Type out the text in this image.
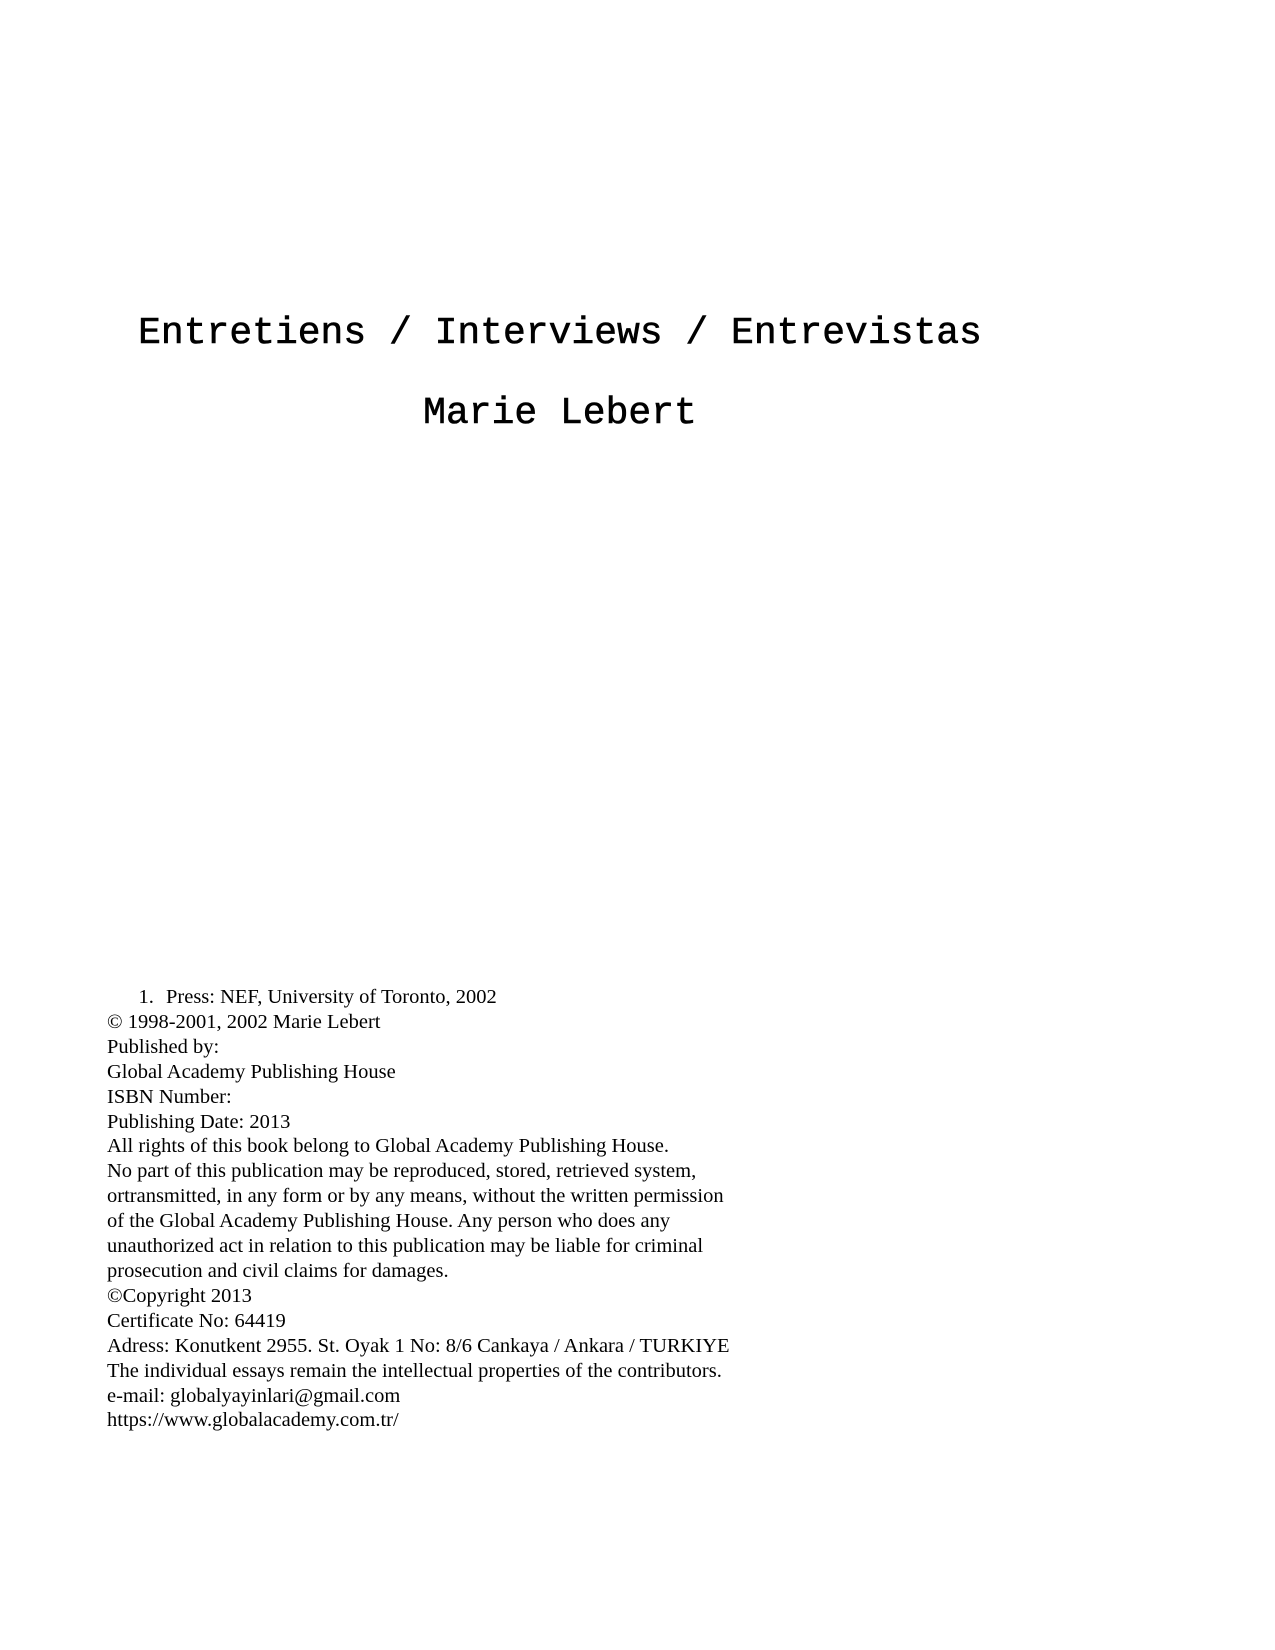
Entretiens / Interviews / Entrevistas
Marie Lebert
1. Press: NEF, University of Toronto, 2002
© 1998-2001, 2002 Marie Lebert
Published by:
Global Academy Publishing House
ISBN Number:
Publishing Date: 2013
All rights of this book belong to Global Academy Publishing House.
No part of this publication may be reproduced, stored, retrieved system,
ortransmitted, in any form or by any means, without the written permission
of the Global Academy Publishing House. Any person who does any
unauthorized act in relation to this publication may be liable for criminal
prosecution and civil claims for damages.
©Copyright 2013
Certificate No: 64419
Adress: Konutkent 2955. St. Oyak 1 No: 8/6 Cankaya / Ankara / TURKIYE
The individual essays remain the intellectual properties of the contributors.
e-mail: globalyayinlari@gmail.com
https://www.globalacademy.com.tr/
